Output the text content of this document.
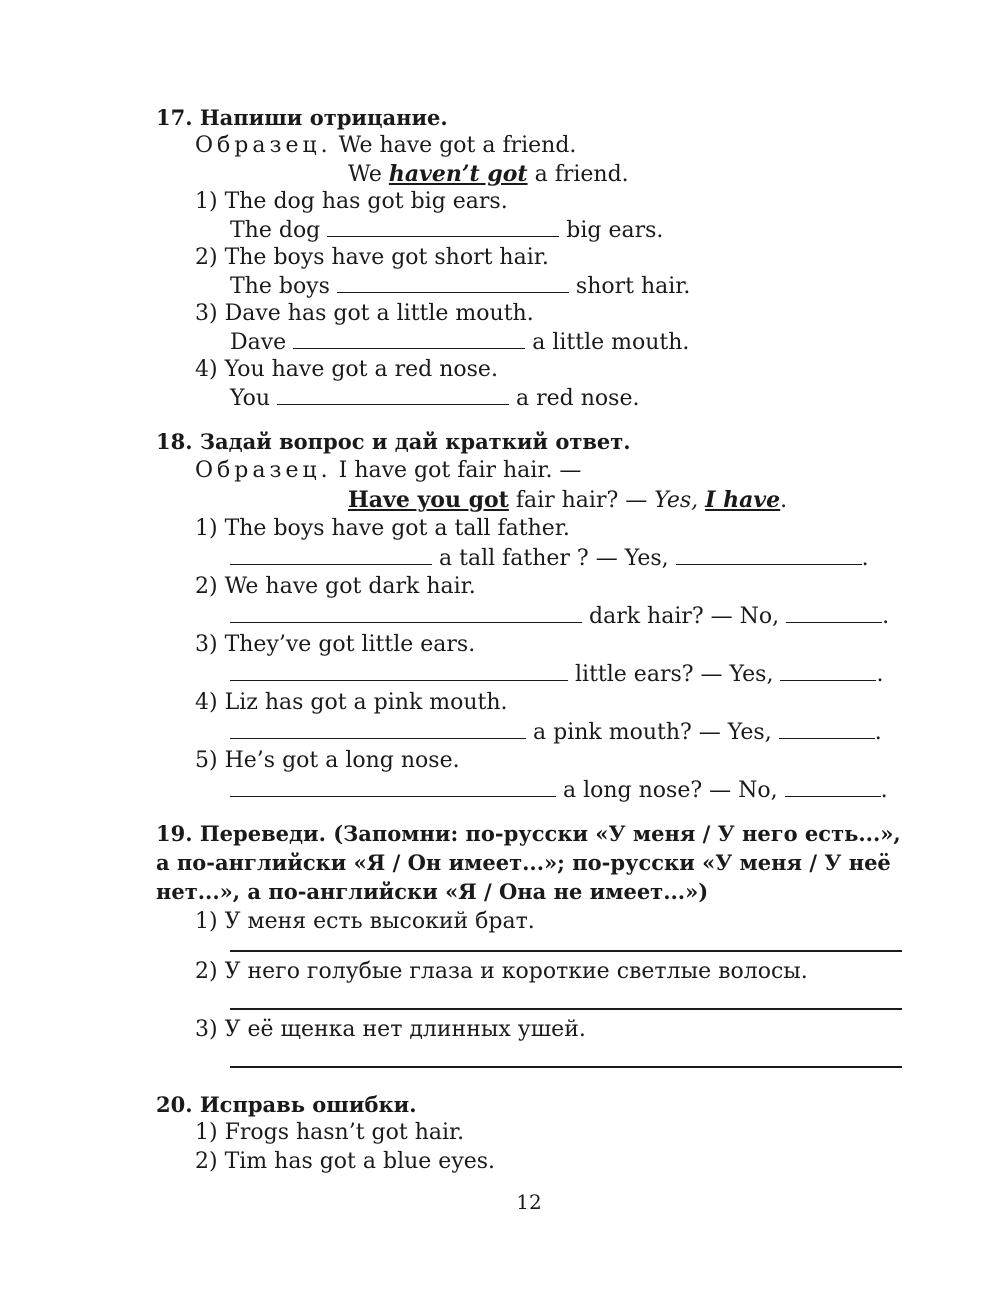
17. Напиши отрицание.
Образец. We have got a friend.
We haven’t got a friend.
1) The dog has got big ears.
The dog	big ears.
2) The boys have got short hair.
The boys	short hair.
3) Dave has got a little mouth.
Dave	a little mouth.
4) You have got a red nose.
You	a red nose.
18. Задай вопрос и дай краткий ответ.
Образец. I have got fair hair. —
Have you got fair hair? — Yes, I have.
1) The boys have got a tall father.
a tall father ? — Yes,	.
2) We have got dark hair.
dark hair? — No,	.
3) They’ve got little ears.
little ears? — Yes,	.
4) Liz has got a pink mouth.
a pink mouth? — Yes,	.
5) He’s got a long nose.
a long nose? — No,	.
19. Переведи. (Запомни: по-русски «У меня / У него есть...»,
а по-английски «Я / Он имеет...»; по-русски «У меня / У неё
нет...», а по-английски «Я / Она не имеет...»)
1) У меня есть высокий брат.
2) У него голубые глаза и короткие светлые волосы.
3) У её щенка нет длинных ушей.
20. Исправь ошибки.
1) Frogs hasn’t got hair.
2) Tim has got a blue eyes.
12
